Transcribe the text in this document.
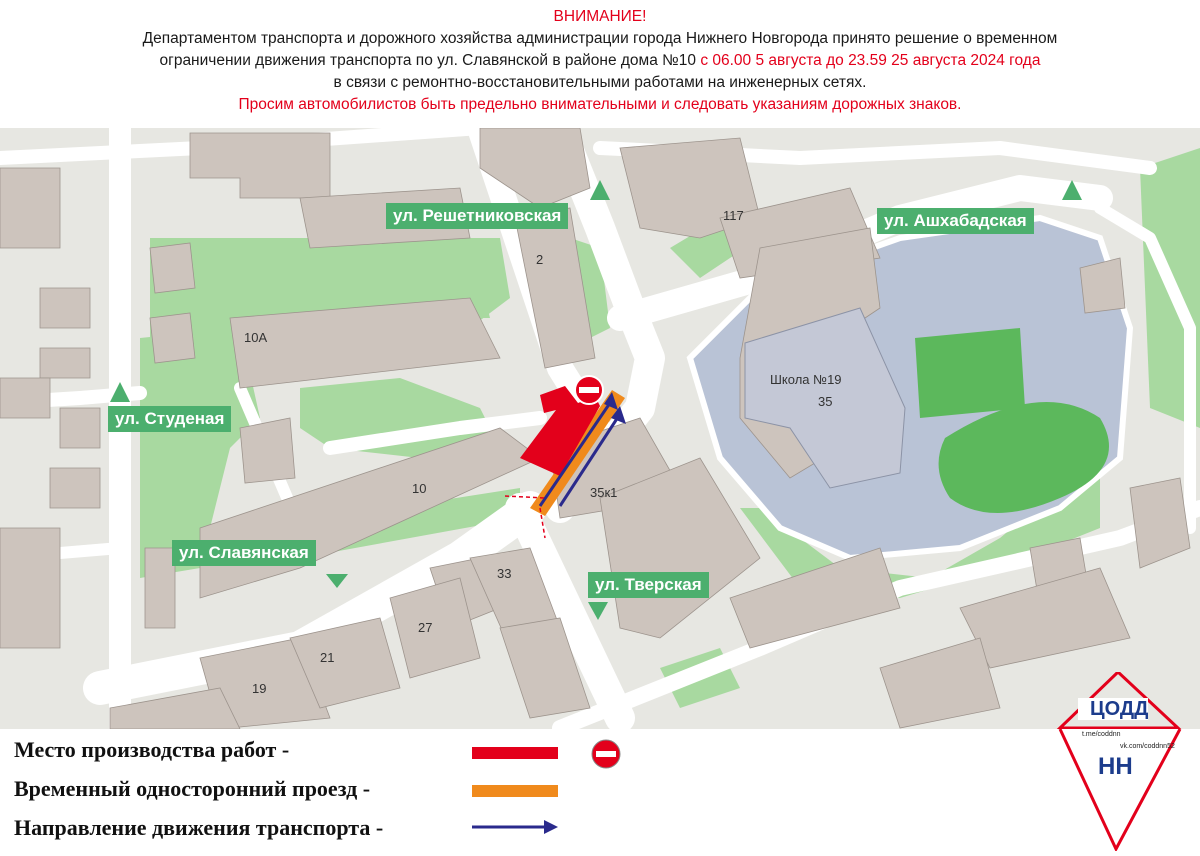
ВНИМАНИЕ!

Департаментом транспорта и дорожного хозяйства администрации города Нижнего Новгорода принято решение о временном

ограничении движения транспорта по ул. Славянской в районе дома №10 с 06.00 5 августа до 23.59 25 августа 2024 года

в связи с ремонтно-восстановительными работами на инженерных сетях.

Просим автомобилистов быть предельно внимательными и следовать указаниям дорожных знаков.

ул. Решетниковская	ул. Ашхабадская
ул. Студеная
ул. Славянская
ул. Тверская
117
2
10А
10	35к1
33
27
21
19
Школа №19
35
ЦОДД
Место производства работ -
Временный односторонний проезд -
Направление движения транспорта -
vk.com/coddnn52
t.me/coddnn
НН
